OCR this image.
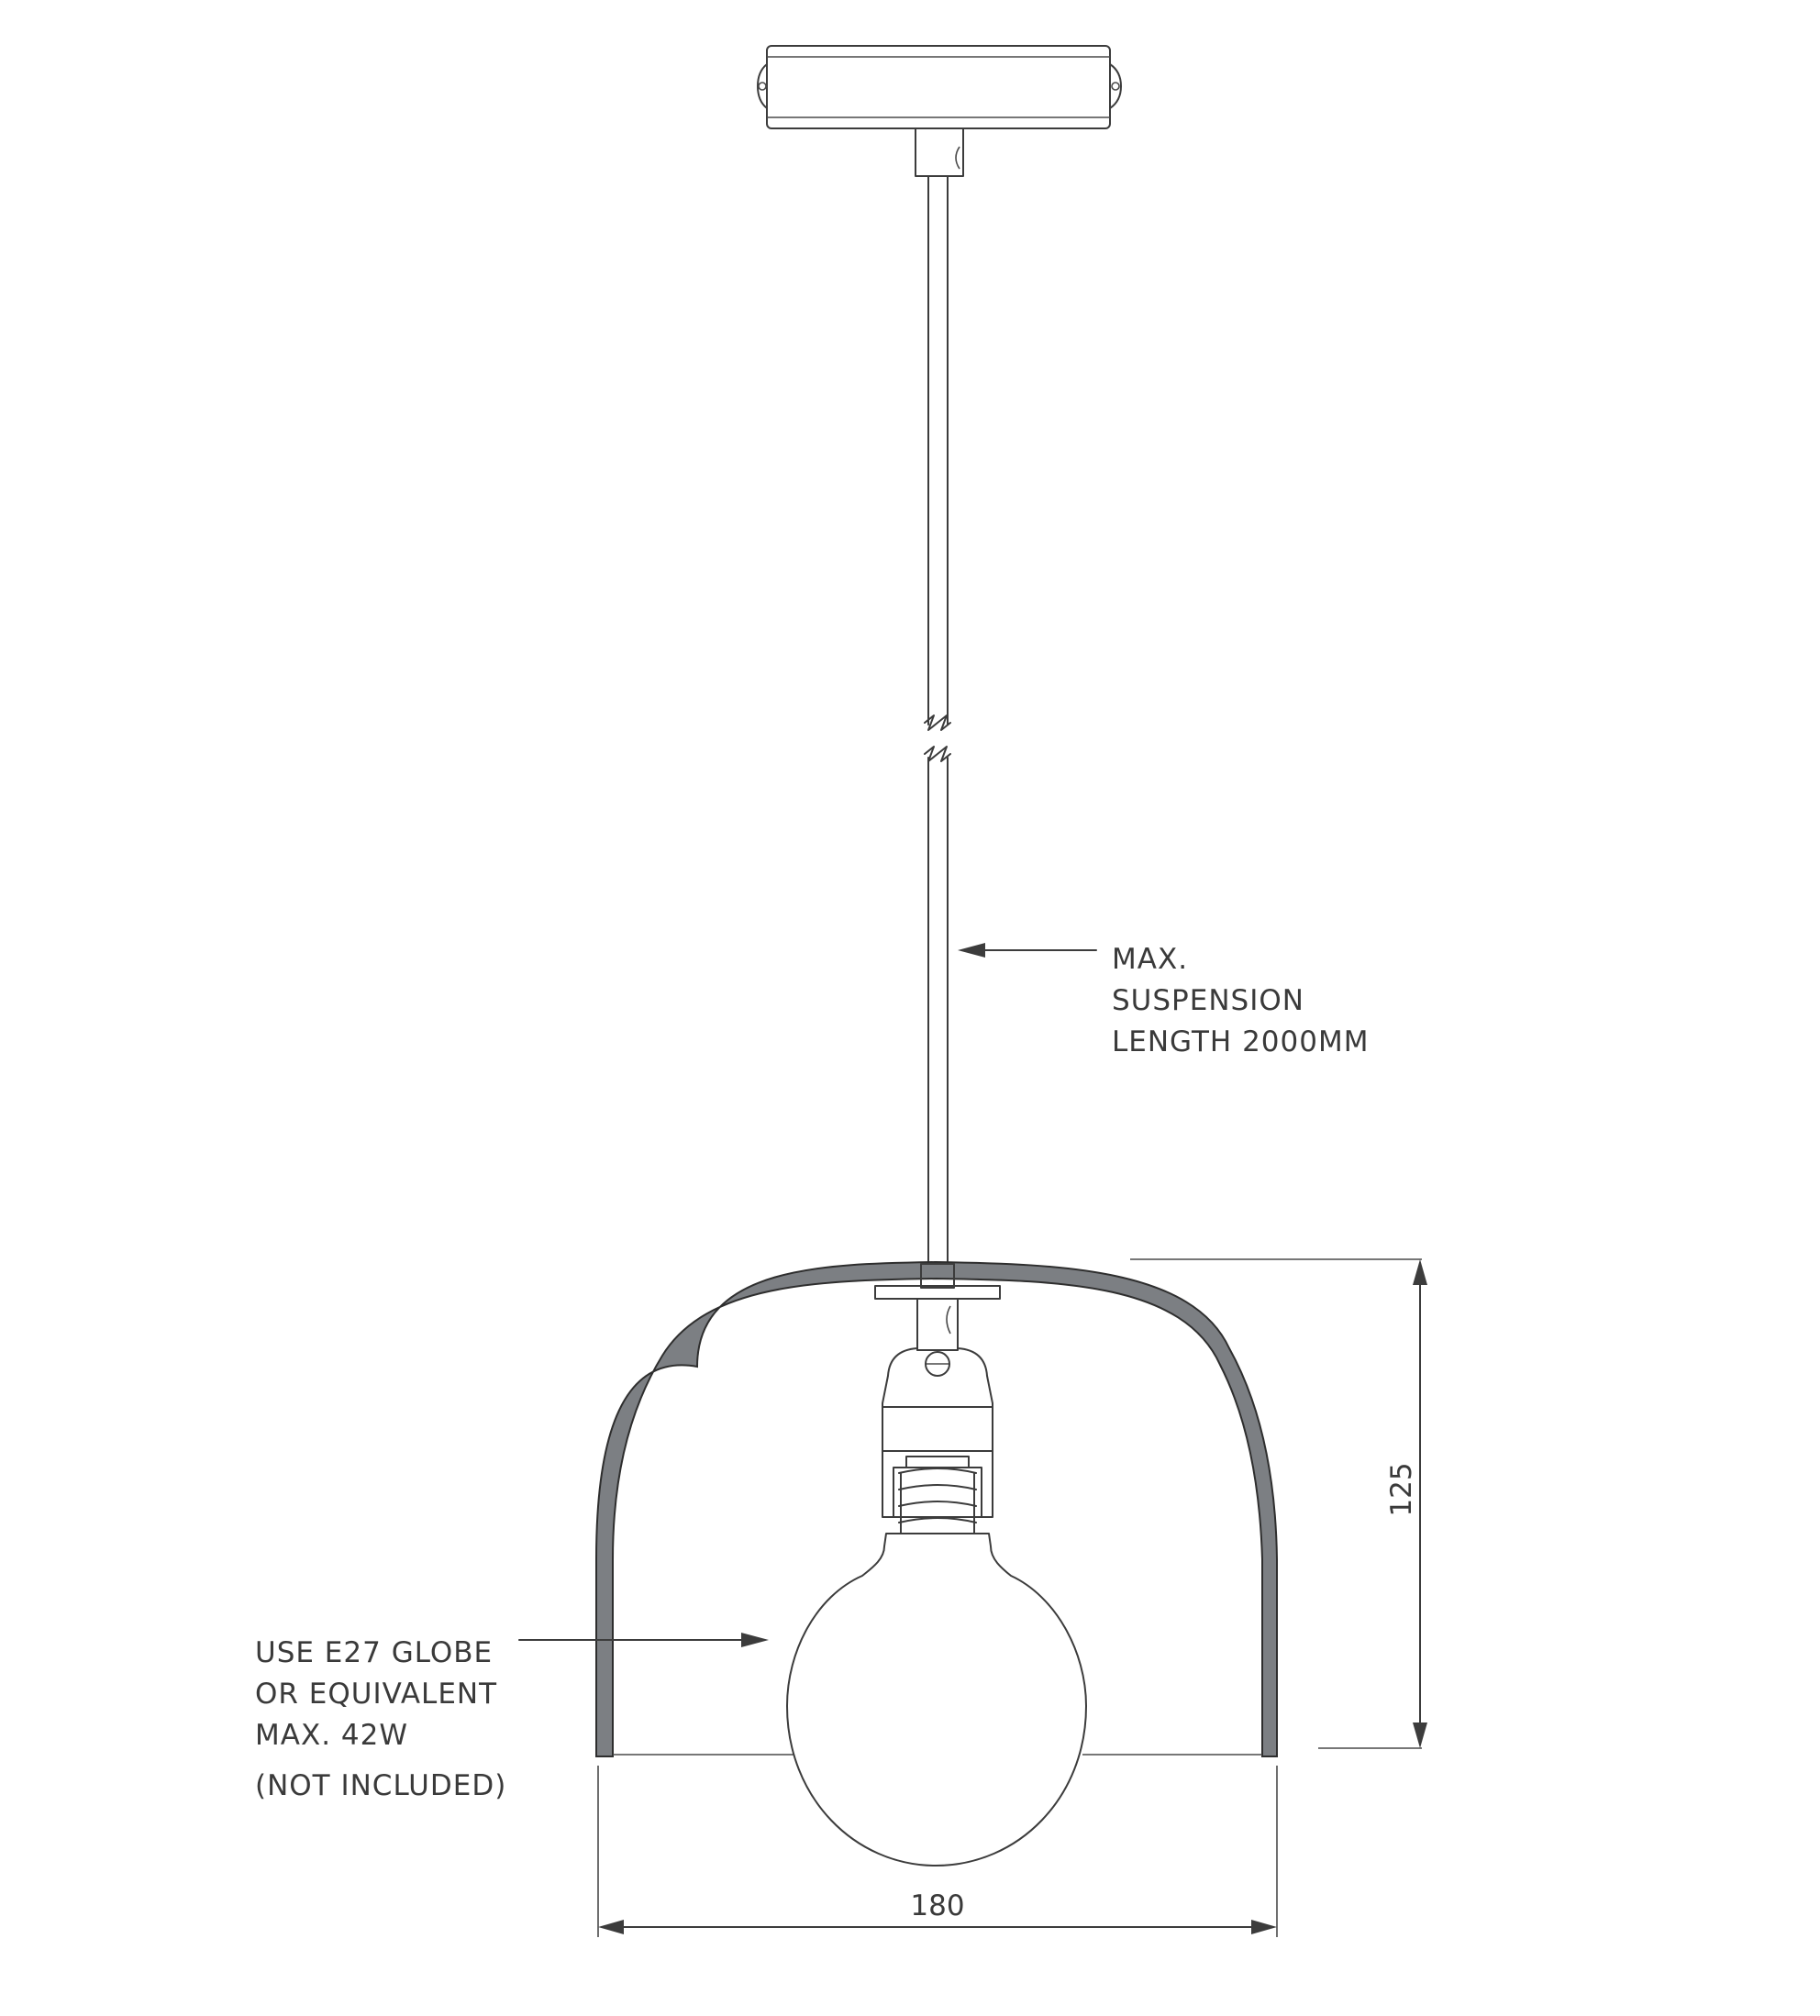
MAX.
SUSPENSION
LENGTH 2000MM
USE E27 GLOBE
OR EQUIVALENT
MAX. 42W
(NOT INCLUDED)
125
180
